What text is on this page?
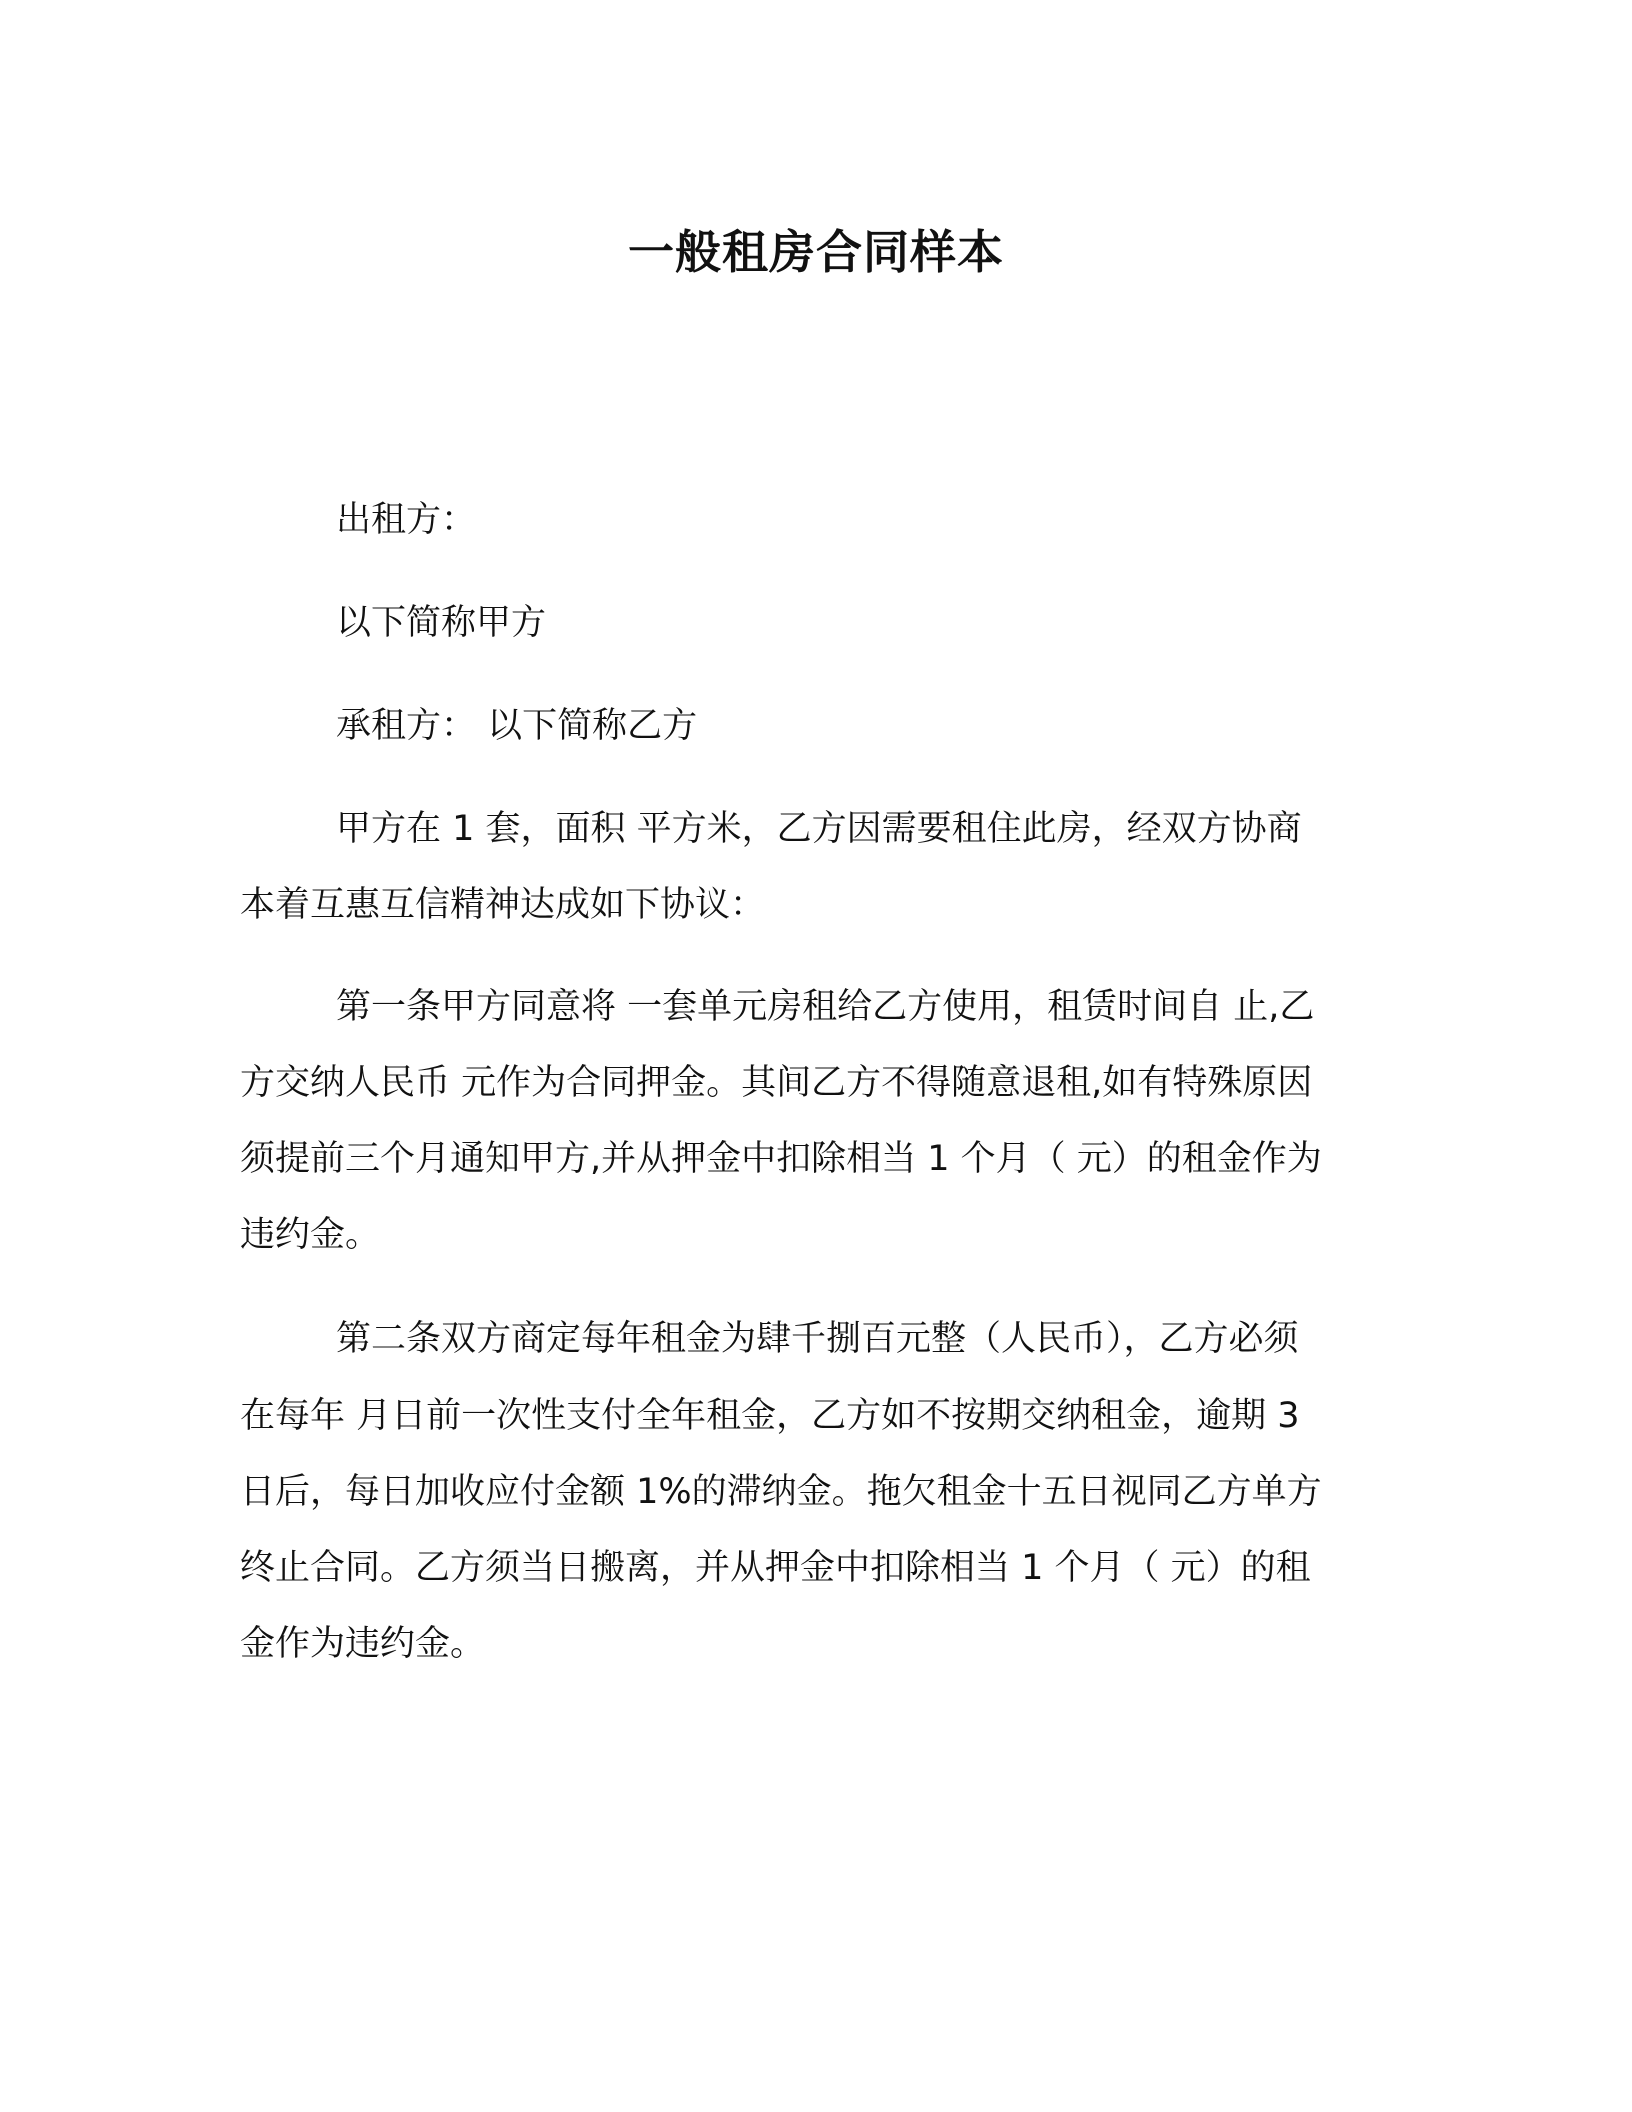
一般租房合同样本
出租方：
以下简称甲方
承租方： 以下简称乙方
甲方在 1 套，面积 平方米，乙方因需要租住此房，经双方协商
本着互惠互信精神达成如下协议：
第一条甲方同意将 一套单元房租给乙方使用，租赁时间自 止,乙
方交纳人民币 元作为合同押金。其间乙方不得随意退租,如有特殊原因
须提前三个月通知甲方,并从押金中扣除相当 1 个月（ 元）的租金作为
违约金。
第二条双方商定每年租金为肆千捌百元整（人民币），乙方必须
在每年 月日前一次性支付全年租金，乙方如不按期交纳租金，逾期 3
日后，每日加收应付金额 1%的滞纳金。拖欠租金十五日视同乙方单方
终止合同。乙方须当日搬离，并从押金中扣除相当 1 个月（ 元）的租
金作为违约金。
